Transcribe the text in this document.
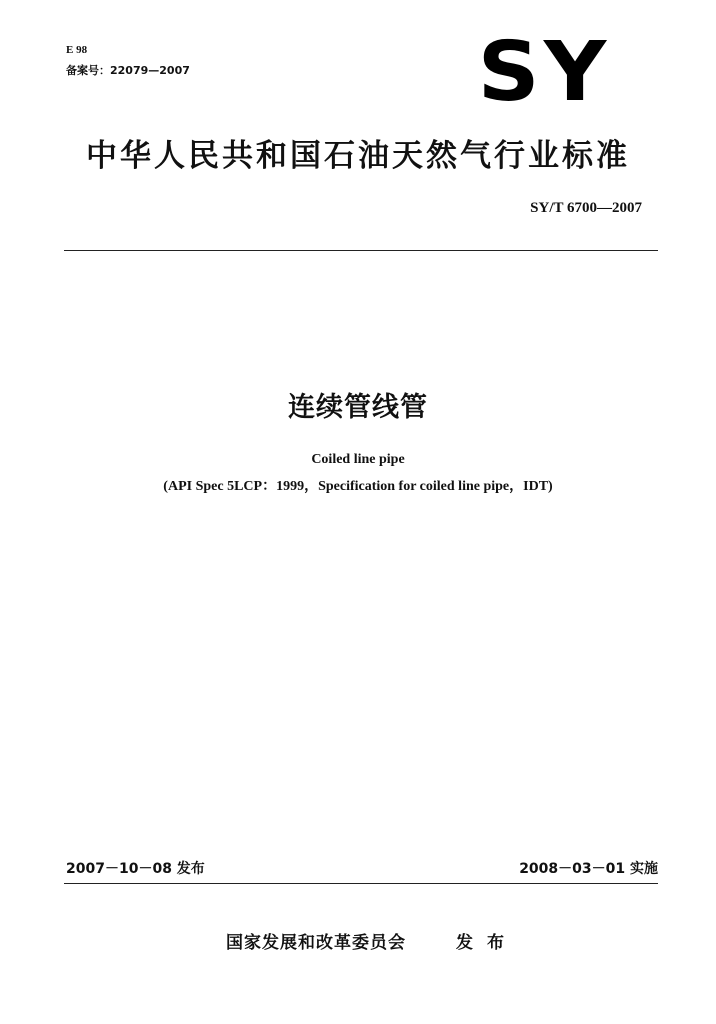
E 98
备案号：22079—2007	SY
中华人民共和国石油天然气行业标准
SY/T 6700—2007
连续管线管
Coiled line pipe
(API Spec 5LCP：1999，Specification for coiled line pipe，IDT)
2007－10－08 发布	2008－03－01 实施
国家发展和改革委员会	发布
